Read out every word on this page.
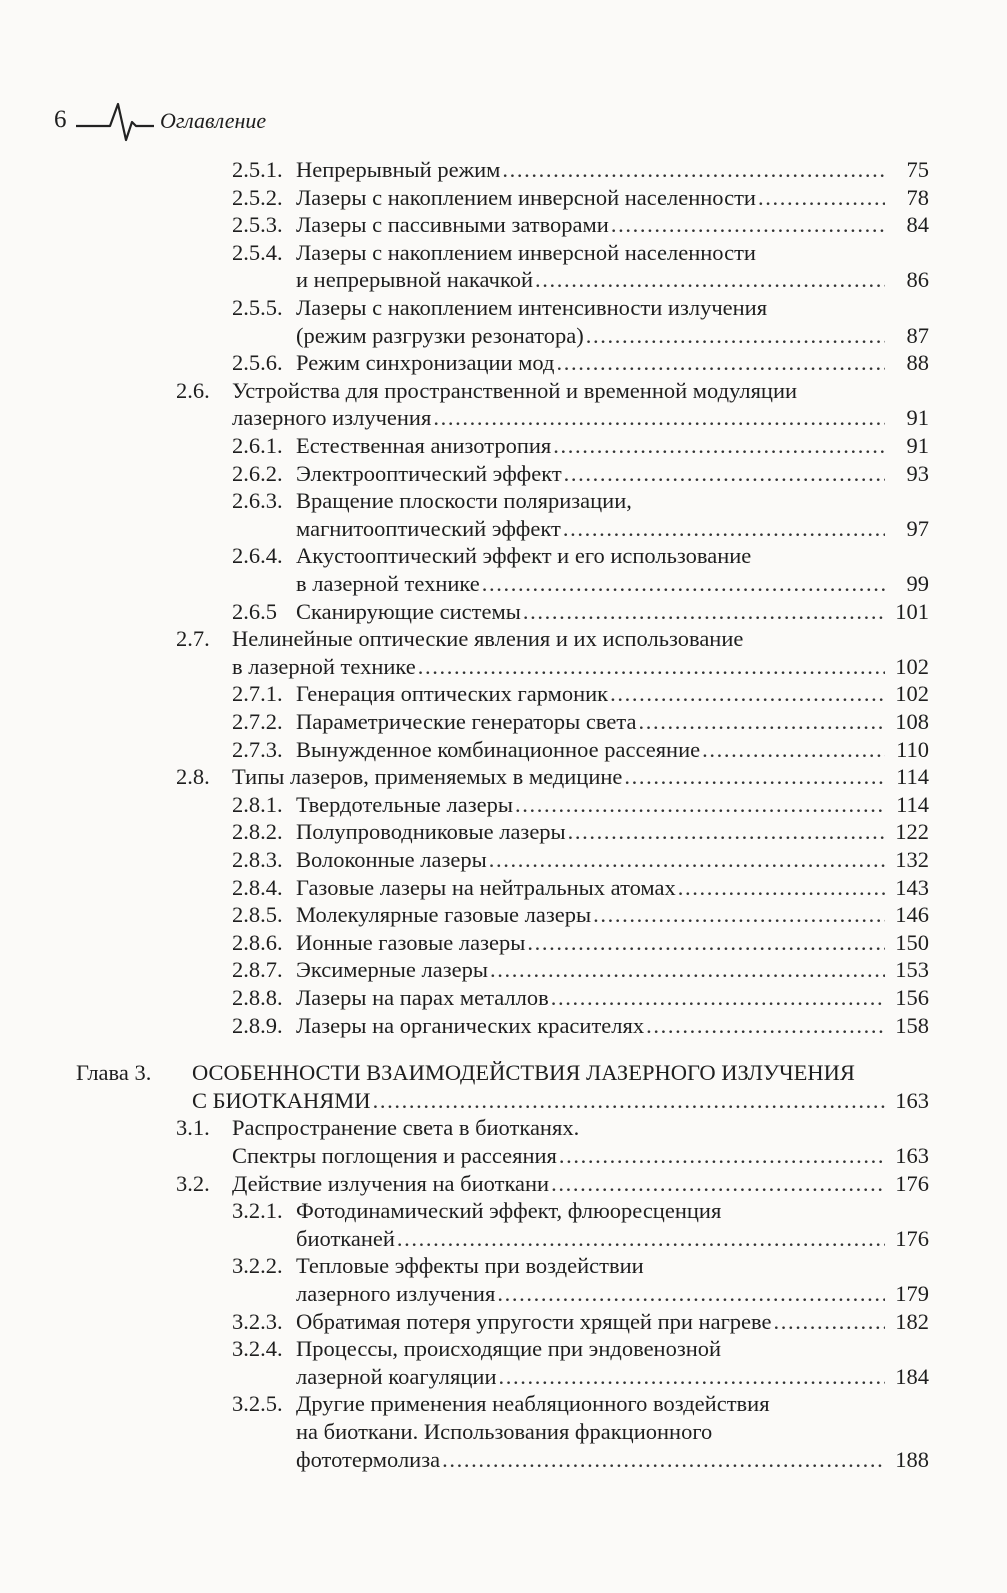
6	Оглавление
2.5.1. Непрерывный режим . . .	75
2.5.2. Лазеры с накоплением инверсной населенности . . .	78
2.5.3. Лазеры с пассивными затворами . . .	84
2.5.4. Лазеры с накоплением инверсной населенности
и непрерывной накачкой . . .	86
2.5.5. Лазеры с накоплением интенсивности излучения
(режим разгрузки резонатора) . . .	87
2.5.6. Режим синхронизации мод . . .	88
2.6. Устройства для пространственной и временной модуляции
лазерного излучения . . .	91
2.6.1. Естественная анизотропия . . .	91
2.6.2. Электрооптический эффект . . .	93
2.6.3. Вращение плоскости поляризации,
магнитооптический эффект . . .	97
2.6.4. Акустооптический эффект и его использование
в лазерной технике . . .	99
2.6.5 Сканирующие системы . . .	101
2.7. Нелинейные оптические явления и их использование
в лазерной технике . . .	102
2.7.1. Генерация оптических гармоник . . .	102
2.7.2. Параметрические генераторы света . . .	108
2.7.3. Вынужденное комбинационное рассеяние . . .	110
2.8. Типы лазеров, применяемых в медицине . . .	114
2.8.1. Твердотельные лазеры . . .	114
2.8.2. Полупроводниковые лазеры . . .	122
2.8.3. Волоконные лазеры . . .	132
2.8.4. Газовые лазеры на нейтральных атомах . . .	143
2.8.5. Молекулярные газовые лазеры . . .	146
2.8.6. Ионные газовые лазеры . . .	150
2.8.7. Эксимерные лазеры . . .	153
2.8.8. Лазеры на парах металлов . . .	156
2.8.9. Лазеры на органических красителях . . .	158
Глава 3. ОСОБЕННОСТИ ВЗАИМОДЕЙСТВИЯ ЛАЗЕРНОГО ИЗЛУЧЕНИЯ
С БИОТКАНЯМИ . . .	163
3.1. Распространение света в биотканях.
Спектры поглощения и рассеяния . . .	163
3.2. Действие излучения на биоткани . . .	176
3.2.1. Фотодинамический эффект, флюоресценция
биотканей . . .	176
3.2.2. Тепловые эффекты при воздействии
лазерного излучения . . .	179
3.2.3. Обратимая потеря упругости хрящей при нагреве . . .	182
3.2.4. Процессы, происходящие при эндовенозной
лазерной коагуляции . . .	184
3.2.5. Другие применения неабляционного воздействия
на биоткани. Использования фракционного
фототермолиза . . .	188
